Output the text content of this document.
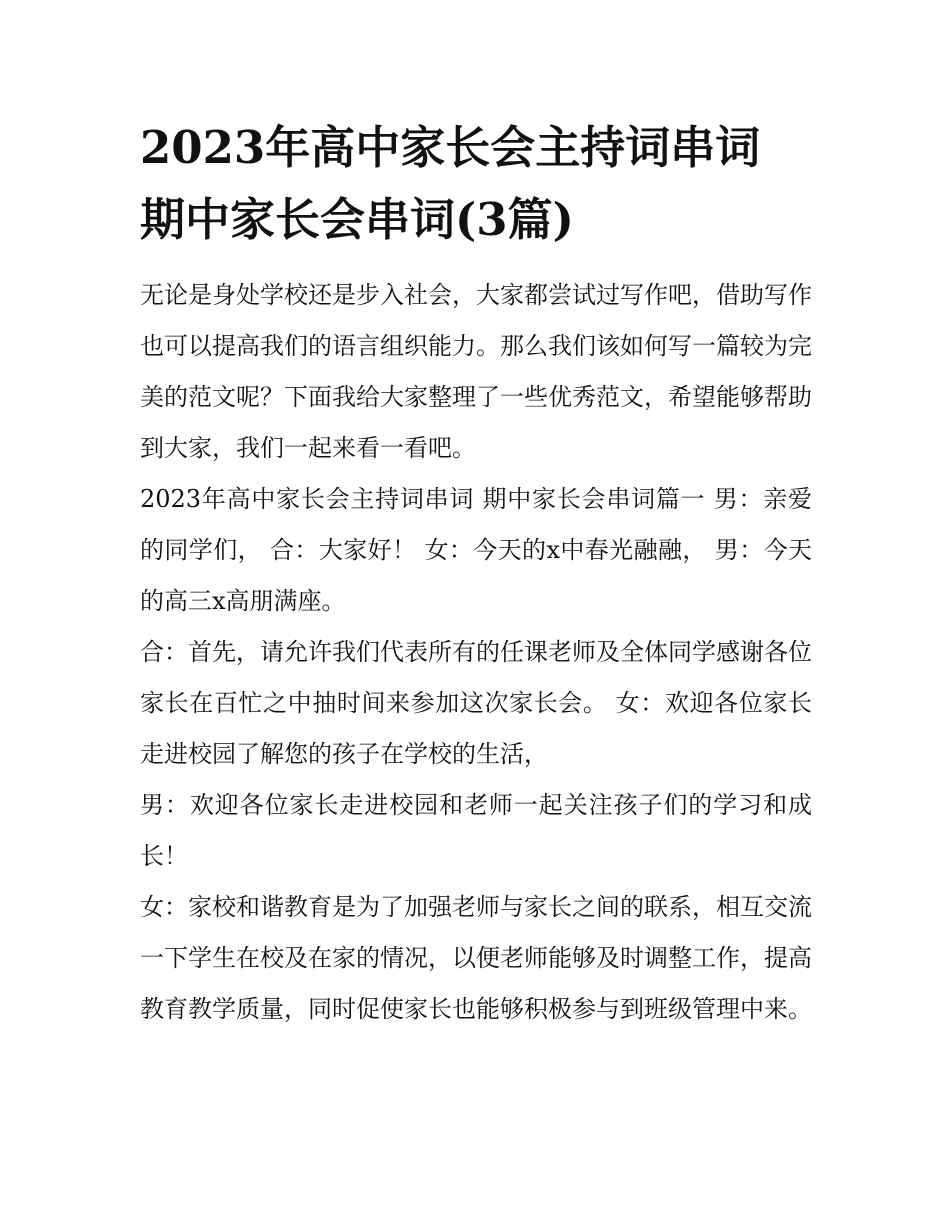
2023年高中家长会主持词串词
期中家长会串词(3篇)

无论是身处学校还是步入社会，大家都尝试过写作吧，借助写作也可以提高我们的语言组织能力。那么我们该如何写一篇较为完美的范文呢？下面我给大家整理了一些优秀范文，希望能够帮助到大家，我们一起来看一看吧。

2023年高中家长会主持词串词 期中家长会串词篇一 男：亲爱的同学们， 合：大家好！ 女：今天的x中春光融融， 男：今天的高三x高朋满座。

合：首先，请允许我们代表所有的任课老师及全体同学感谢各位家长在百忙之中抽时间来参加这次家长会。 女：欢迎各位家长走进校园了解您的孩子在学校的生活，

男：欢迎各位家长走进校园和老师一起关注孩子们的学习和成长！

女：家校和谐教育是为了加强老师与家长之间的联系，相互交流一下学生在校及在家的情况，以便老师能够及时调整工作，提高教育教学质量，同时促使家长也能够积极参与到班级管理中来。
